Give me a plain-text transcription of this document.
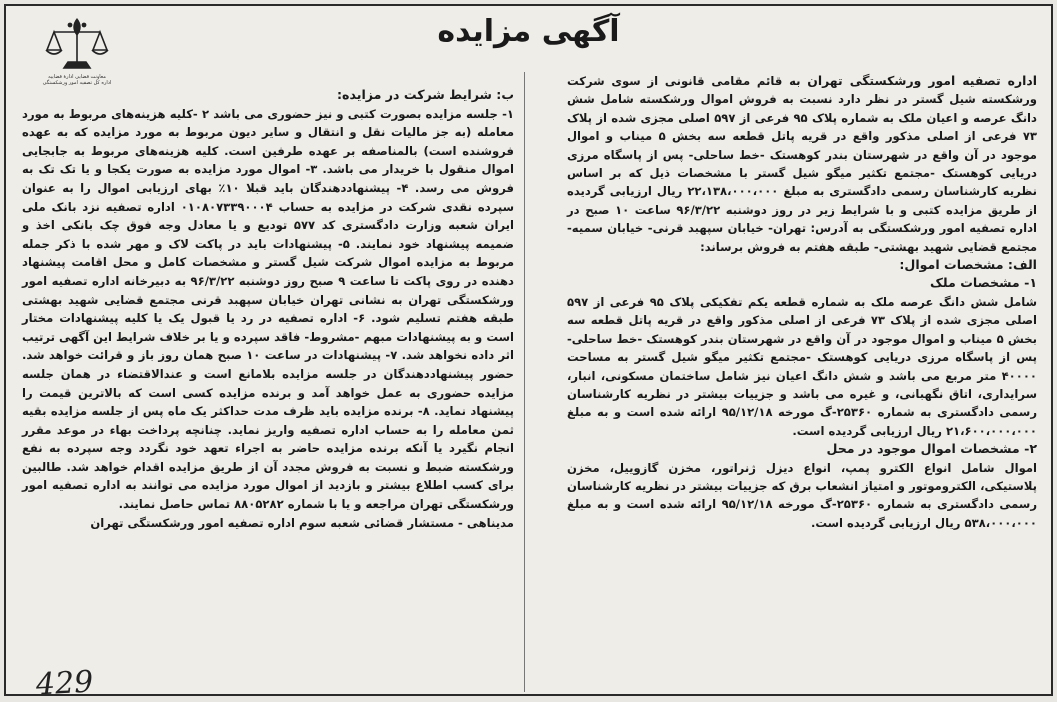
معاونت قضایی ادارهٔ قضاییه
اداره کل تصفیه امور ورشکستگی
آگهی مزایده

اداره تصفیه امور ورشکستگی تهران به قائم مقامی قانونی از سوی شرکت ورشکسته شیل گستر در نظر دارد نسبت به فروش اموال ورشکسته شامل شش دانگ عرصه و اعیان ملک به شماره پلاک ۹۵ فرعی از ۵۹۷ اصلی مجزی شده از پلاک ۷۳ فرعی از اصلی مذکور واقع در قریه پاتل قطعه سه بخش ۵ میناب و اموال موجود در آن واقع در شهرستان بندر کوهستک -خط ساحلی- پس از پاسگاه مرزی دریایی کوهستک -مجتمع تکثیر میگو شیل گستر با مشخصات ذیل که بر اساس نظریه کارشناسان رسمی دادگستری به مبلغ ۲۲،۱۳۸،۰۰۰،۰۰۰ ریال ارزیابی گردیده از طریق مزایده کتبی و با شرایط زیر در روز دوشنبه ۹۶/۳/۲۲ ساعت ۱۰ صبح در اداره تصفیه امور ورشکستگی به آدرس: تهران- خیابان سپهبد قرنی- خیابان سمیه- مجتمع قضایی شهید بهشتی- طبقه هفتم به فروش برساند:

الف: مشخصات اموال:

۱- مشخصات ملک

شامل شش دانگ عرصه ملک به شماره قطعه یکم تفکیکی پلاک ۹۵ فرعی از ۵۹۷ اصلی مجزی شده از پلاک ۷۳ فرعی از اصلی مذکور واقع در قریه پاتل قطعه سه بخش ۵ میناب و اموال موجود در آن واقع در شهرستان بندر کوهستک -خط ساحلی- پس از پاسگاه مرزی دریایی کوهستک -مجتمع تکثیر میگو شیل گستر به مساحت ۴۰۰۰۰ متر مربع می باشد و شش دانگ اعیان نیز شامل ساختمان مسکونی، انبار، سرایداری، اتاق نگهبانی، و غیره می باشد و جزییات بیشتر در نظریه کارشناسان رسمی دادگستری به شماره ۲۵۳۶۰-گ مورخه ۹۵/۱۲/۱۸ ارائه شده است و به مبلغ ۲۱،۶۰۰،۰۰۰،۰۰۰ ریال ارزیابی گردیده است.

۲- مشخصات اموال موجود در محل

اموال شامل انواع الکترو پمپ، انواع دیزل ژنراتور، مخزن گازوییل، مخزن پلاستیکی، الکتروموتور و امتیاز انشعاب برق که جزییات بیشتر در نظریه کارشناسان رسمی دادگستری به شماره ۲۵۳۶۰-گ مورخه ۹۵/۱۲/۱۸ ارائه شده است و به مبلغ ۵۳۸،۰۰۰،۰۰۰ ریال ارزیابی گردیده است.

ب: شرایط شرکت در مزایده:

۱- جلسه مزایده بصورت کتبی و نیز حضوری می باشد ۲ -کلیه هزینه‌های مربوط به مورد معامله (به جز مالیات نقل و انتقال و سایر دیون مربوط به مورد مزایده که به عهده فروشنده است) بالمناصفه بر عهده طرفین است. کلیه هزینه‌های مربوط به جابجایی اموال منقول با خریدار می باشد. ۳- اموال مورد مزایده به صورت یکجا و یا تک تک به فروش می رسد. ۴- پیشنهاددهندگان باید قبلا ۱۰٪ بهای ارزیابی اموال را به عنوان سپرده نقدی شرکت در مزایده به حساب ۰۱۰۸۰۷۳۳۹۰۰۰۴ اداره تصفیه نزد بانک ملی ایران شعبه وزارت دادگستری کد ۵۷۷ تودیع و یا معادل وجه فوق چک بانکی اخذ و ضمیمه پیشنهاد خود نمایند. ۵- پیشنهادات باید در پاکت لاک و مهر شده با ذکر جمله مربوط به مزایده اموال شرکت شیل گستر و مشخصات کامل و محل اقامت پیشنهاد دهنده در روی پاکت تا ساعت ۹ صبح روز دوشنبه ۹۶/۳/۲۲ به دبیرخانه اداره تصفیه امور ورشکستگی تهران به نشانی تهران خیابان سپهبد قرنی مجتمع قضایی شهید بهشتی طبقه هفتم تسلیم شود. ۶- اداره تصفیه در رد یا قبول یک یا کلیه پیشنهادات مختار است و به پیشنهادات مبهم -مشروط- فاقد سپرده و یا بر خلاف شرایط این آگهی ترتیب اثر داده نخواهد شد. ۷- پیشنهادات در ساعت ۱۰ صبح همان روز باز و قرائت خواهد شد. حضور پیشنهاددهندگان در جلسه مزایده بلامانع است و عندالاقتضاء در همان جلسه مزایده حضوری به عمل خواهد آمد و برنده مزایده کسی است که بالاترین قیمت را پیشنهاد نماید. ۸- برنده مزایده باید ظرف مدت حداکثر یک ماه پس از جلسه مزایده بقیه ثمن معامله را به حساب اداره تصفیه واریز نماید. چنانچه پرداخت بهاء در موعد مقرر انجام نگیرد یا آنکه برنده مزایده حاضر به اجراء تعهد خود نگردد وجه سپرده به نفع ورشکسته ضبط و نسبت به فروش مجدد آن از طریق مزایده اقدام خواهد شد. طالبین برای کسب اطلاع بیشتر و بازدید از اموال مورد مزایده می توانند به اداره تصفیه امور ورشکستگی تهران مراجعه و یا با شماره ۸۸۰۵۲۸۲ تماس حاصل نمایند.

مدیناهی - مستشار قضائی شعبه سوم اداره تصفیه امور ورشکستگی تهران

429
